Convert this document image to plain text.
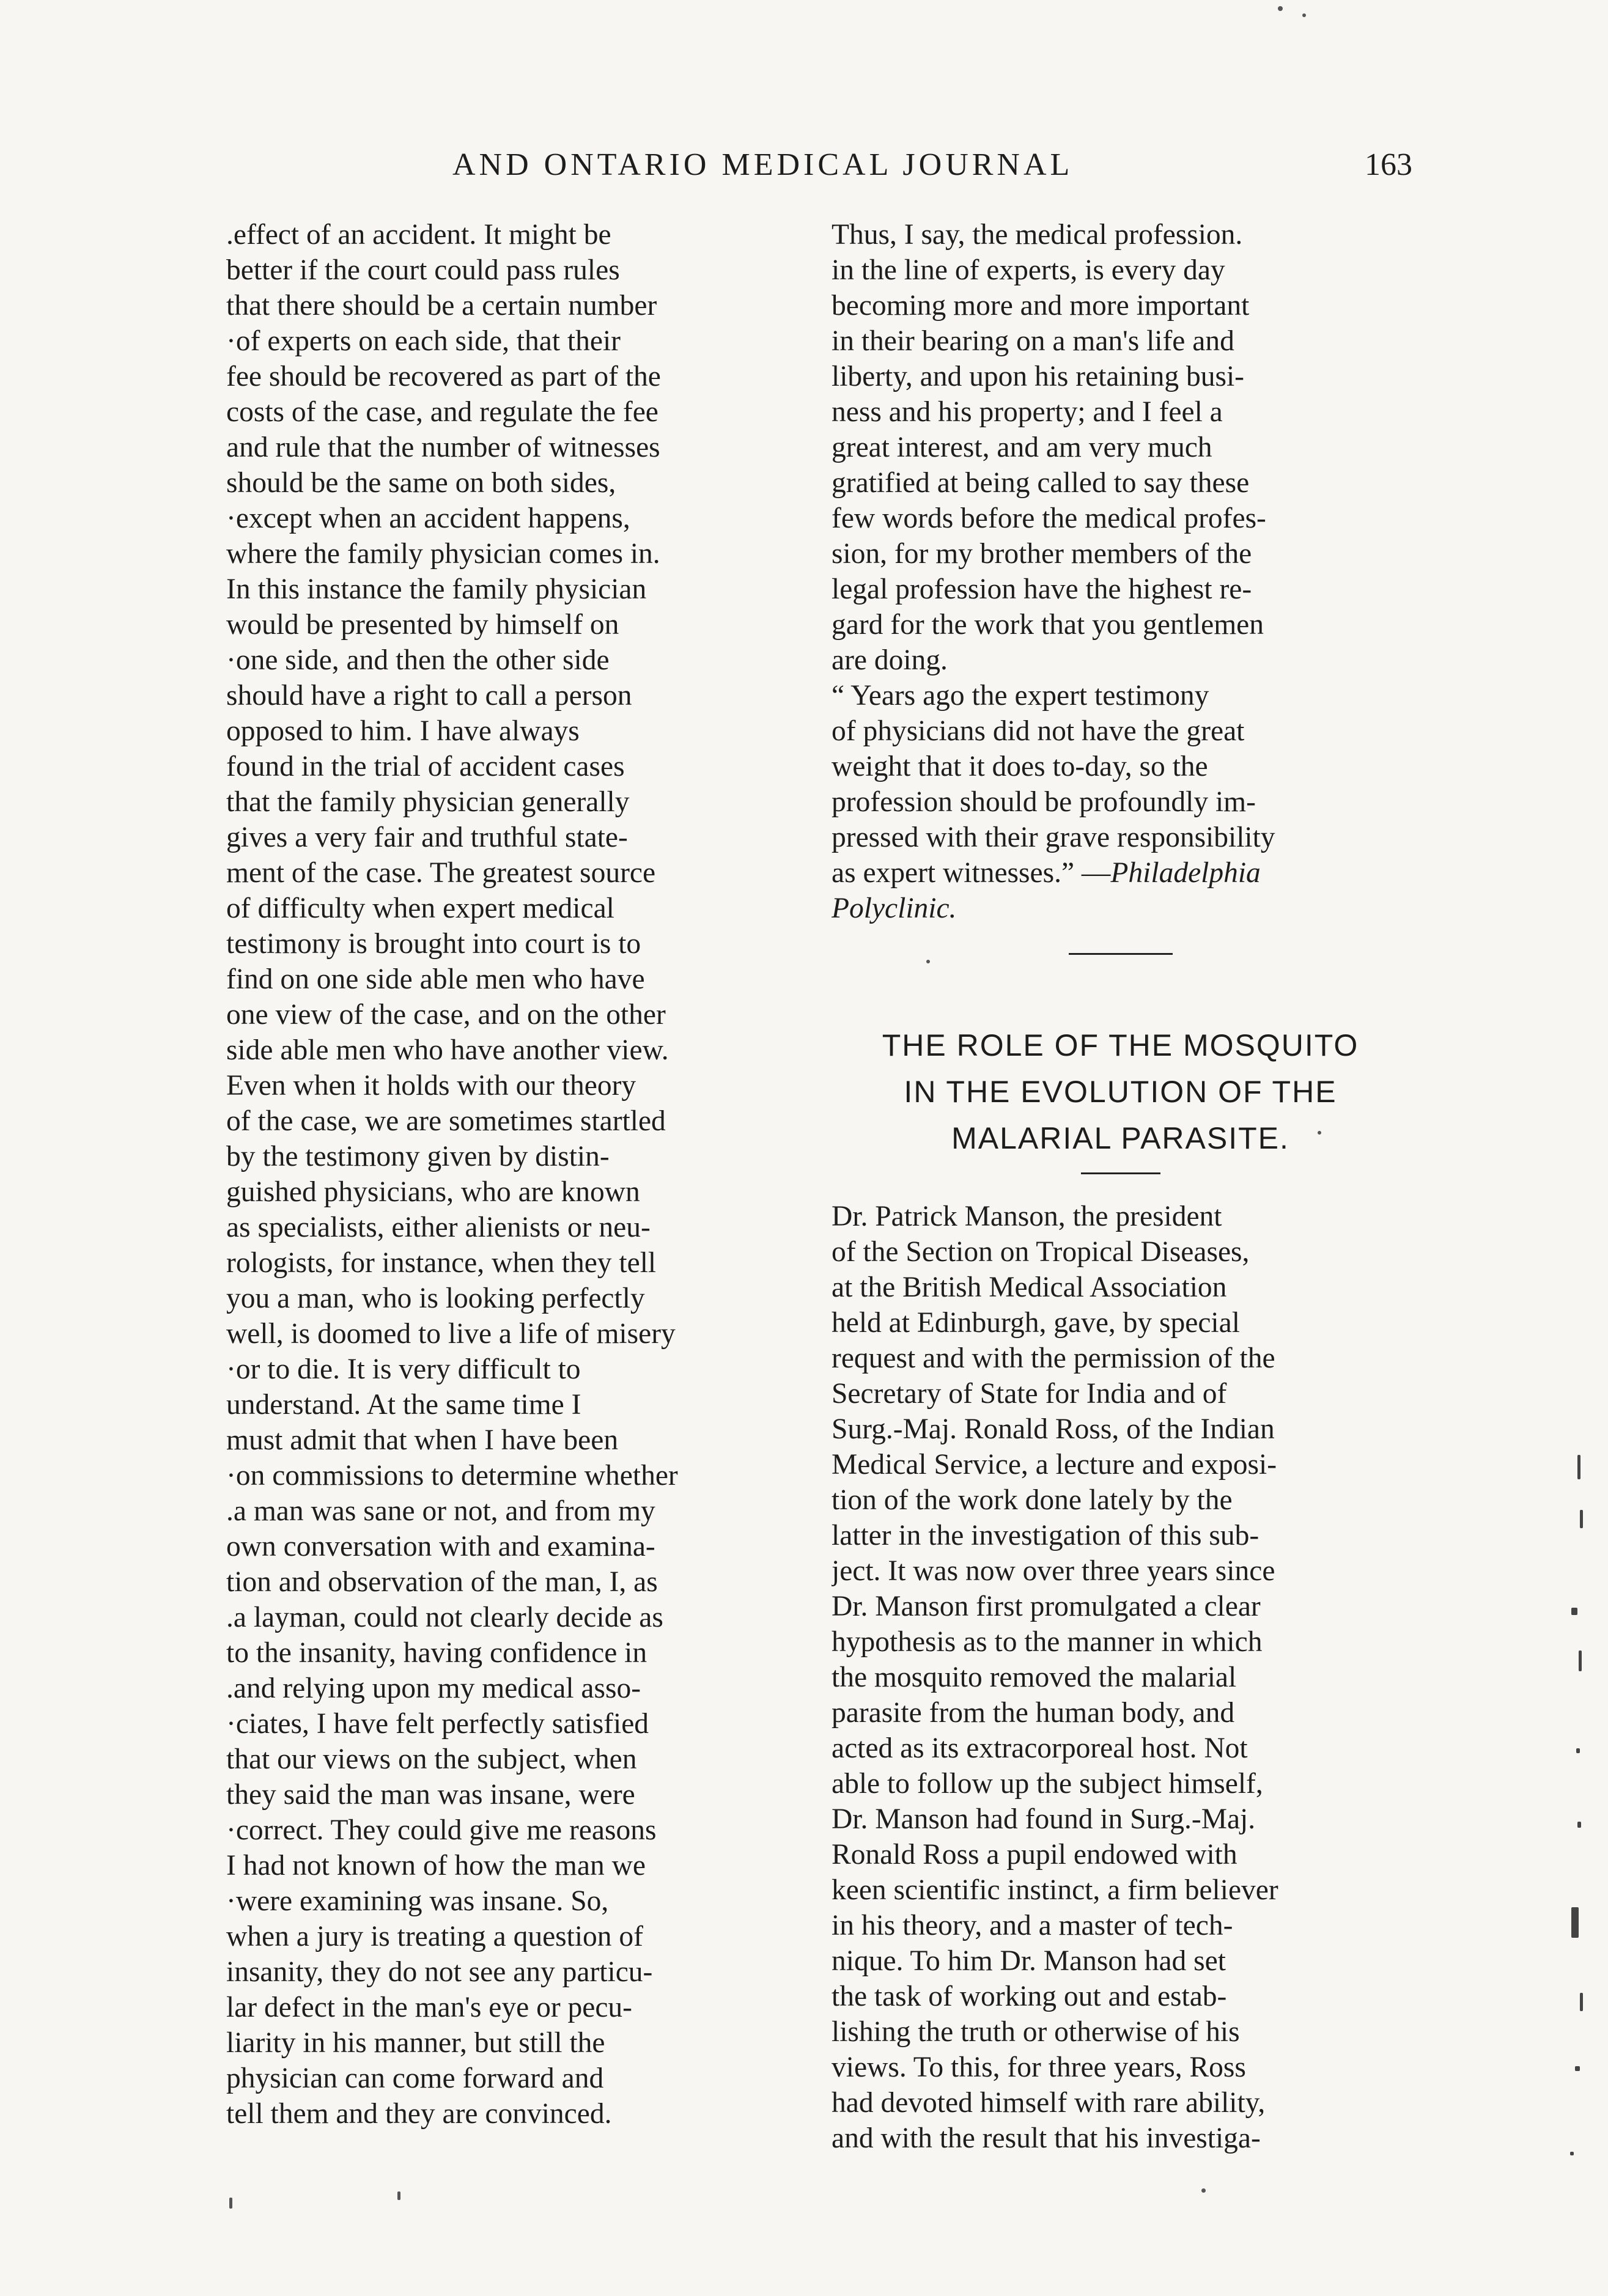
AND ONTARIO MEDICAL JOURNAL	163
.effect of an accident. It might be
better if the court could pass rules
that there should be a certain number
·of experts on each side, that their
fee should be recovered as part of the
costs of the case, and regulate the fee
and rule that the number of witnesses
should be the same on both sides,
·except when an accident happens,
where the family physician comes in.
In this instance the family physician
would be presented by himself on
·one side, and then the other side
should have a right to call a person
opposed to him. I have always
found in the trial of accident cases
that the family physician generally
gives a very fair and truthful state-
ment of the case. The greatest source
of difficulty when expert medical
testimony is brought into court is to
find on one side able men who have
one view of the case, and on the other
side able men who have another view.
Even when it holds with our theory
of the case, we are sometimes startled
by the testimony given by distin-
guished physicians, who are known
as specialists, either alienists or neu-
rologists, for instance, when they tell
you a man, who is looking perfectly
well, is doomed to live a life of misery
·or to die. It is very difficult to
understand. At the same time I
must admit that when I have been
·on commissions to determine whether
.a man was sane or not, and from my
own conversation with and examina-
tion and observation of the man, I, as
.a layman, could not clearly decide as
to the insanity, having confidence in
.and relying upon my medical asso-
·ciates, I have felt perfectly satisfied
that our views on the subject, when
they said the man was insane, were
·correct. They could give me reasons
I had not known of how the man we
·were examining was insane. So,
when a jury is treating a question of
insanity, they do not see any particu-
lar defect in the man's eye or pecu-
liarity in his manner, but still the
physician can come forward and
tell them and they are convinced.
Thus, I say, the medical profession.
in the line of experts, is every day
becoming more and more important
in their bearing on a man's life and
liberty, and upon his retaining busi-
ness and his property; and I feel a
great interest, and am very much
gratified at being called to say these
few words before the medical profes-
sion, for my brother members of the
legal profession have the highest re-
gard for the work that you gentlemen
are doing.
“ Years ago the expert testimony
of physicians did not have the great
weight that it does to-day, so the
profession should be profoundly im-
pressed with their grave responsibility
as expert witnesses.” —Philadelphia
Polyclinic.
THE ROLE OF THE MOSQUITO
IN THE EVOLUTION OF THE
MALARIAL PARASITE.
Dr. Patrick Manson, the president
of the Section on Tropical Diseases,
at the British Medical Association
held at Edinburgh, gave, by special
request and with the permission of the
Secretary of State for India and of
Surg.-Maj. Ronald Ross, of the Indian
Medical Service, a lecture and exposi-
tion of the work done lately by the
latter in the investigation of this sub-
ject. It was now over three years since
Dr. Manson first promulgated a clear
hypothesis as to the manner in which
the mosquito removed the malarial
parasite from the human body, and
acted as its extracorporeal host. Not
able to follow up the subject himself,
Dr. Manson had found in Surg.-Maj.
Ronald Ross a pupil endowed with
keen scientific instinct, a firm believer
in his theory, and a master of tech-
nique. To him Dr. Manson had set
the task of working out and estab-
lishing the truth or otherwise of his
views. To this, for three years, Ross
had devoted himself with rare ability,
and with the result that his investiga-
